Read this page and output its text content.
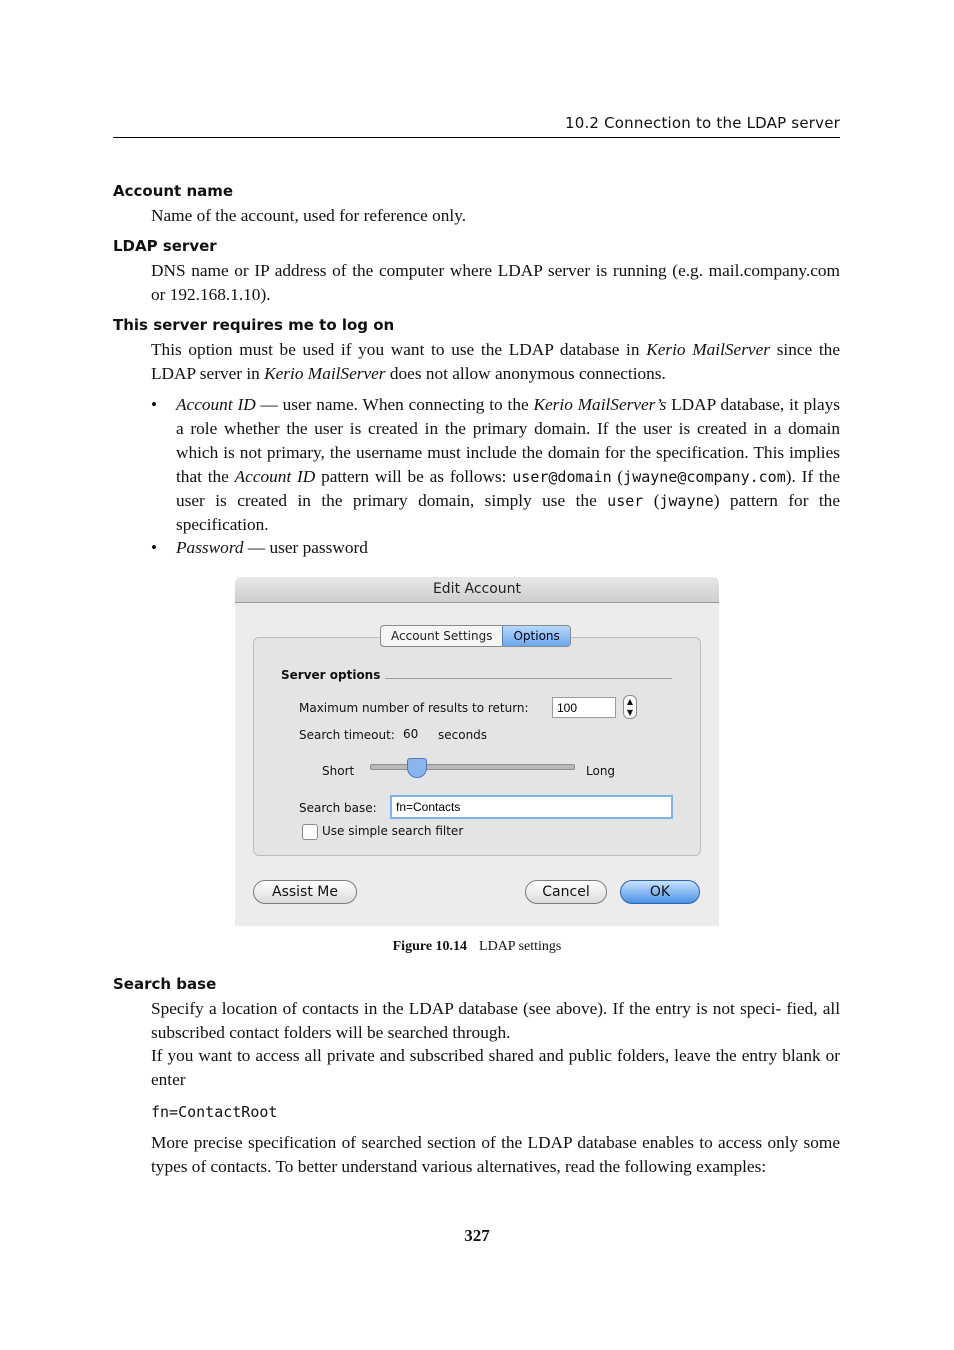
10.2 Connection to the LDAP server
Account name
Name of the account, used for reference only.
LDAP server
DNS name or IP address of the computer where LDAP server is running (e.g. mail.company.com or 192.168.1.10).
This server requires me to log on
This option must be used if you want to use the LDAP database in Kerio MailServer since the LDAP server in Kerio MailServer does not allow anonymous connections.
• Account ID — user name. When connecting to the Kerio MailServer’s LDAP database, it plays a role whether the user is created in the primary domain. If the user is created in a domain which is not primary, the username must include the domain for the specification. This implies that the Account ID pattern will be as follows: user@domain (jwayne@company.com). If the user is created in the primary domain, simply use the user (jwayne) pattern for the specification.
• Password — user password
Edit Account
Account Settings	Options
Server options
Maximum number of results to return:
100	▲
▼
Search timeout: 60 seconds
Short	Long
Search base:
fn=Contacts
Use simple search filter
Assist Me	Cancel	OK
Figure 10.14 LDAP settings
Search base
Specify a location of contacts in the LDAP database (see above). If the entry is not speci- fied, all subscribed contact folders will be searched through.
If you want to access all private and subscribed shared and public folders, leave the entry blank or enter
fn=ContactRoot
More precise specification of searched section of the LDAP database enables to access only some types of contacts. To better understand various alternatives, read the following examples:
327
